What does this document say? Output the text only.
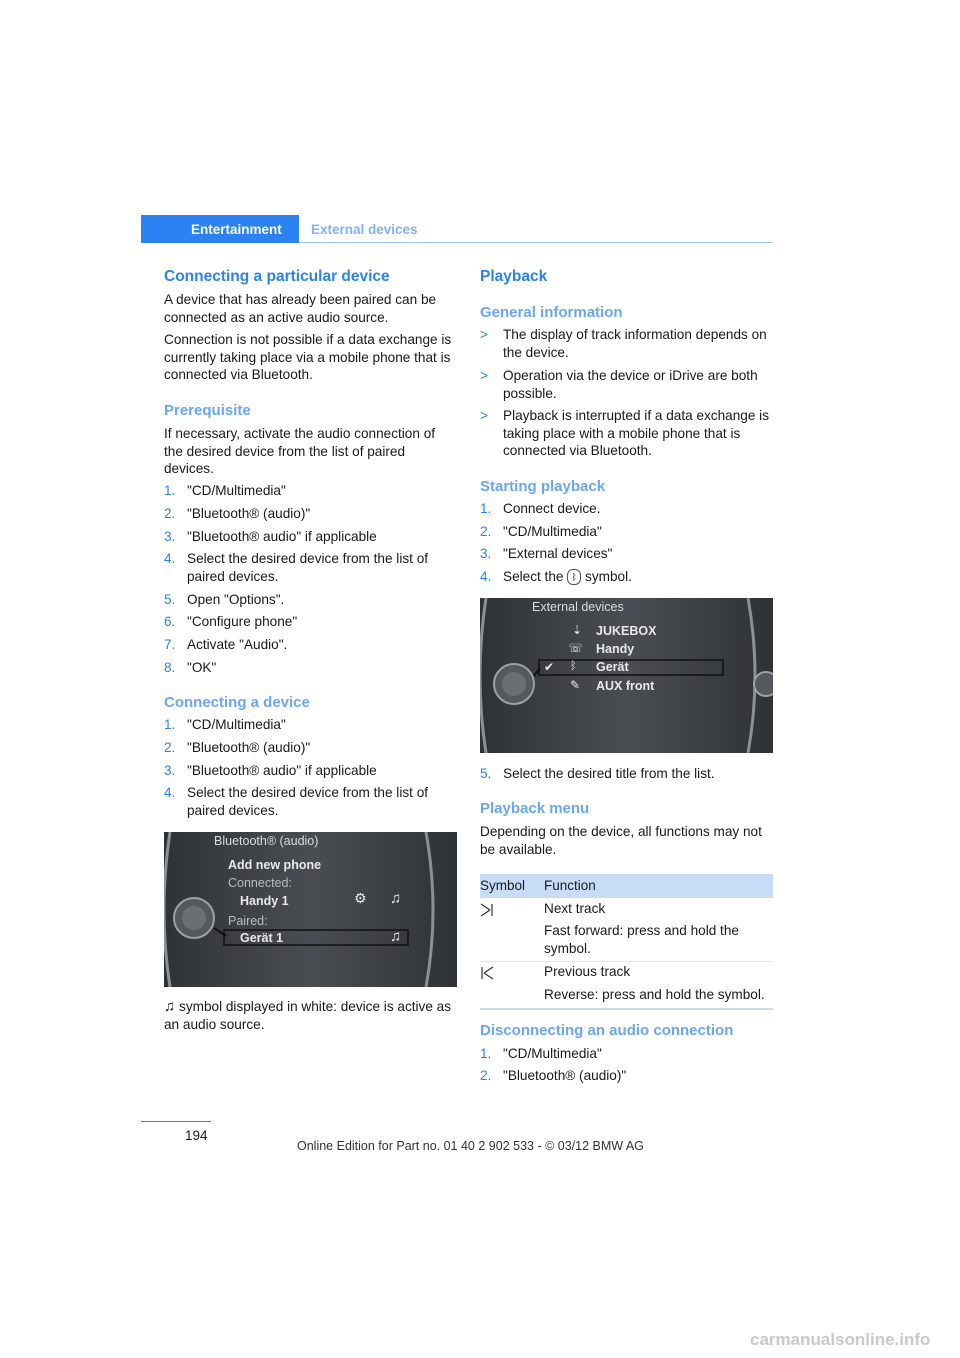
Entertainment External devices
Connecting a particular device

A device that has already been paired can be connected as an active audio source.

Connection is not possible if a data exchange is currently taking place via a mobile phone that is connected via Bluetooth.

Prerequisite

If necessary, activate the audio connection of the desired device from the list of paired devices.

1. "CD/Multimedia"
2. "Bluetooth® (audio)"
3. "Bluetooth® audio" if applicable
4. Select the desired device from the list of paired devices.
5. Open "Options".
6. "Configure phone"
7. Activate "Audio".
8. "OK"
Connecting a device
1. "CD/Multimedia"
2. "Bluetooth® (audio)"
3. "Bluetooth® audio" if applicable
4. Select the desired device from the list of paired devices.
Bluetooth® (audio)
Add new phone
Connected:
Handy 1
Paired:
Gerät 1
⚙ ♫
♫
♫ symbol displayed in white: device is active as an audio source.
Playback
General information
> The display of track information depends on the device.
> Operation via the device or iDrive are both possible.
> Playback is interrupted if a data exchange is taking place with a mobile phone that is connected via Bluetooth.
Starting playback
1. Connect device.
2. "CD/Multimedia"
3. "External devices"
4. Select the ᛒ symbol.
External devices
⇣
☏
✔ ᛒ
✎
JUKEBOX
Handy
Gerät
AUX front
5. Select the desired title from the list.
Playback menu

Depending on the device, all functions may not be available.

Symbol Function
Next track
Fast forward: press and hold the symbol.
Previous track
Reverse: press and hold the symbol.
Disconnecting an audio connection
1. "CD/Multimedia"
2. "Bluetooth® (audio)"
194
Online Edition for Part no. 01 40 2 902 533 - © 03/12 BMW AG
carmanualsonline.info
